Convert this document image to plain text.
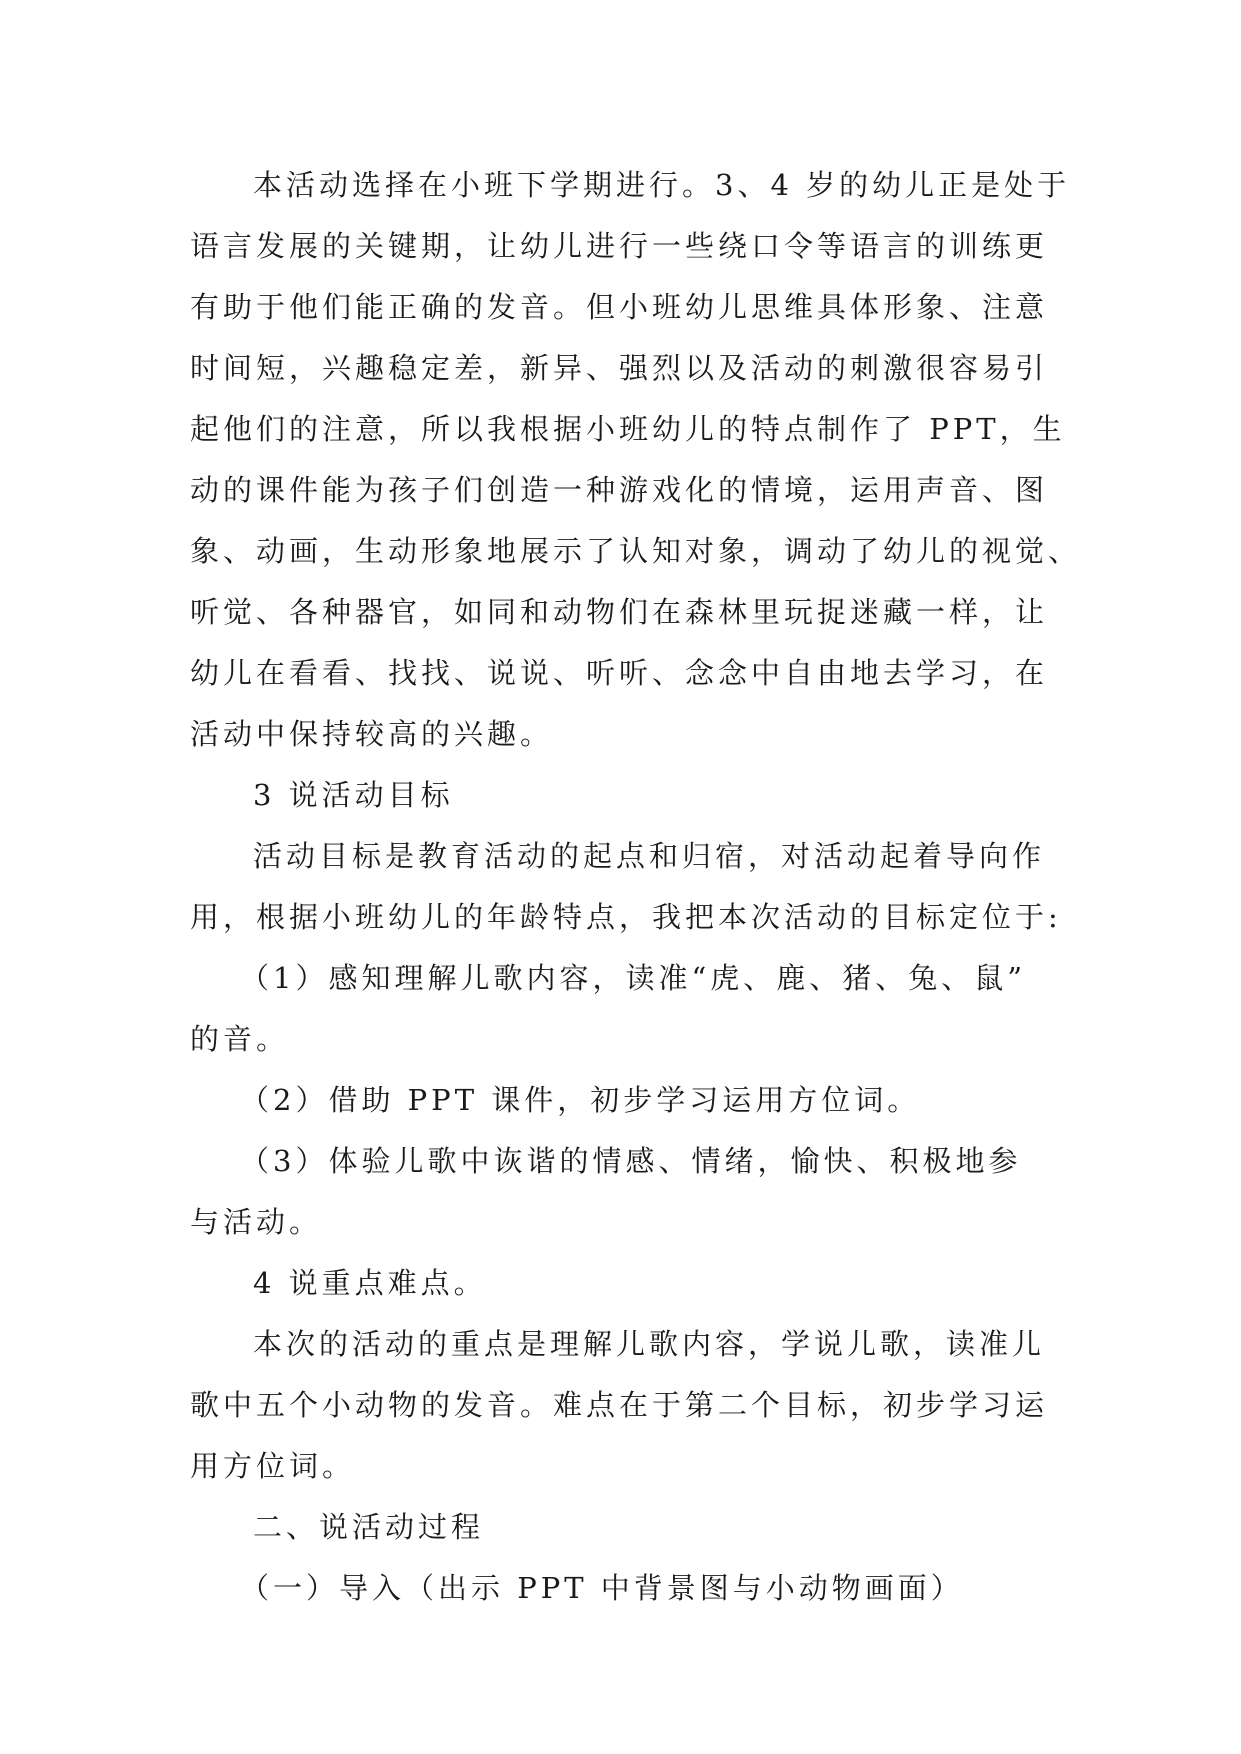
本活动选择在小班下学期进行。3、4 岁的幼儿正是处于

语言发展的关键期，让幼儿进行一些绕口令等语言的训练更

有助于他们能正确的发音。但小班幼儿思维具体形象、注意

时间短，兴趣稳定差，新异、强烈以及活动的刺激很容易引

起他们的注意，所以我根据小班幼儿的特点制作了 PPT，生

动的课件能为孩子们创造一种游戏化的情境，运用声音、图

象、动画，生动形象地展示了认知对象，调动了幼儿的视觉、

听觉、各种器官，如同和动物们在森林里玩捉迷藏一样，让

幼儿在看看、找找、说说、听听、念念中自由地去学习，在

活动中保持较高的兴趣。

3 说活动目标

活动目标是教育活动的起点和归宿，对活动起着导向作

用，根据小班幼儿的年龄特点，我把本次活动的目标定位于:

（1）感知理解儿歌内容，读准“虎、鹿、猪、兔、鼠”

的音。

（2）借助 PPT 课件，初步学习运用方位词。

（3）体验儿歌中诙谐的情感、情绪，愉快、积极地参

与活动。

4 说重点难点。

本次的活动的重点是理解儿歌内容，学说儿歌，读准儿

歌中五个小动物的发音。难点在于第二个目标，初步学习运

用方位词。

二、说活动过程

（一）导入（出示 PPT 中背景图与小动物画面）
